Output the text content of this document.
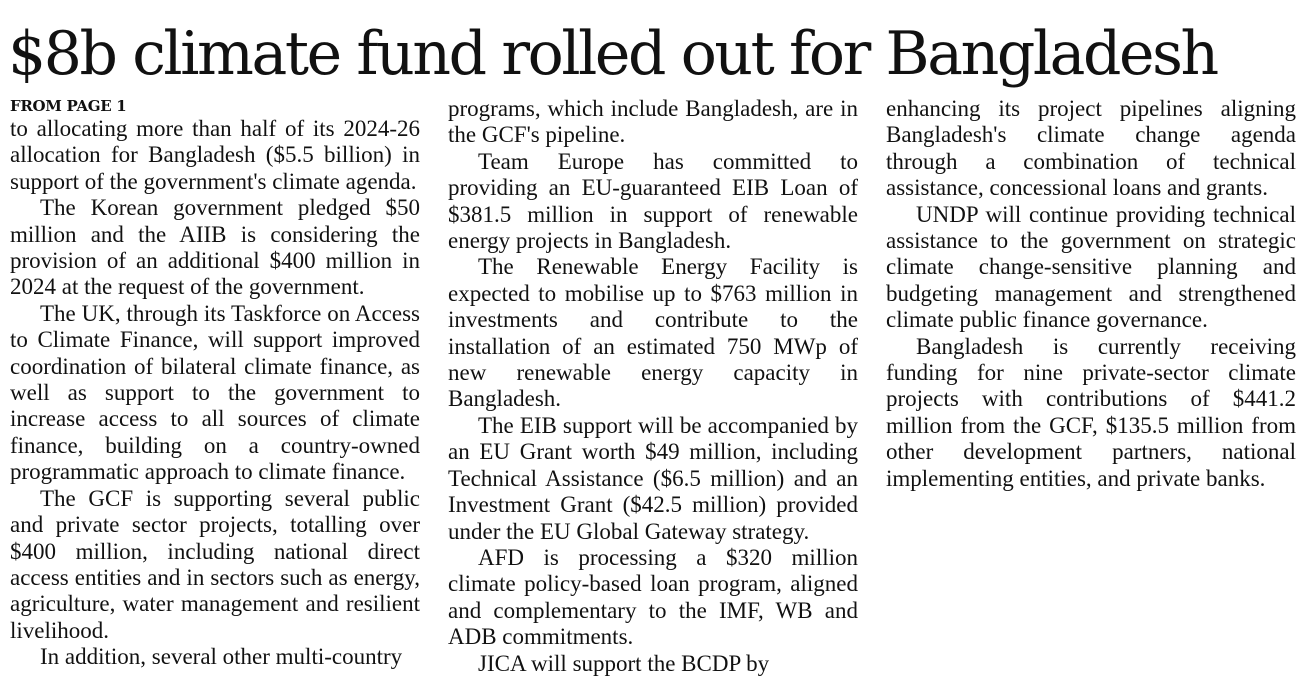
$8b climate fund rolled out for Bangladesh
FROM PAGE 1

to allocating more than half of its 2024-26 allocation for Bangladesh ($5.5 billion) in support of the government's climate agenda.

The Korean government pledged $50 million and the AIIB is considering the provision of an additional $400 million in 2024 at the request of the government.

The UK, through its Taskforce on Access to Climate Finance, will support improved coordination of bilateral climate finance, as well as support to the government to increase access to all sources of climate finance, building on a country-owned programmatic approach to climate finance.

The GCF is supporting several public and private sector projects, totalling over $400 million, including national direct access entities and in sectors such as energy, agriculture, water management and resilient livelihood.

In addition, several other multi-country

programs, which include Bangladesh, are in the GCF's pipeline.

Team Europe has committed to providing an EU-guaranteed EIB Loan of $381.5 million in support of renewable energy projects in Bangladesh.

The Renewable Energy Facility is expected to mobilise up to $763 million in investments and contribute to the installation of an estimated 750 MWp of new renewable energy capacity in Bangladesh.

The EIB support will be accompanied by an EU Grant worth $49 million, including Technical Assistance ($6.5 million) and an Investment Grant ($42.5 million) provided under the EU Global Gateway strategy.

AFD is processing a $320 million climate policy-based loan program, aligned and complementary to the IMF, WB and ADB commitments.

JICA will support the BCDP by

enhancing its project pipelines aligning Bangladesh's climate change agenda through a combination of technical assistance, concessional loans and grants.

UNDP will continue providing technical assistance to the government on strategic climate change-sensitive planning and budgeting management and strengthened climate public finance governance.

Bangladesh is currently receiving funding for nine private-sector climate projects with contributions of $441.2 million from the GCF, $135.5 million from other development partners, national implementing entities, and private banks.
